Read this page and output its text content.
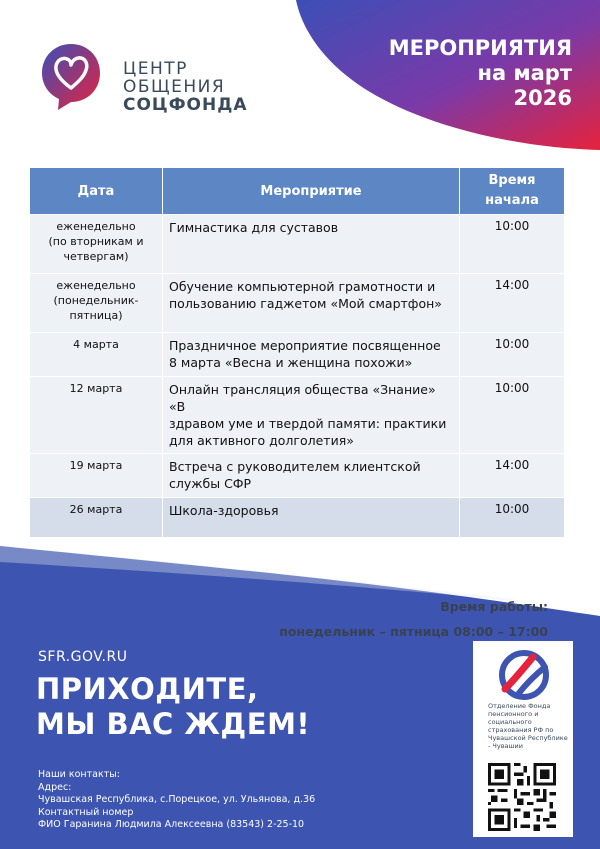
ЦЕНТР
ОБЩЕНИЯ
СОЦФОНДА
МЕРОПРИЯТИЯ
на март
2026
Дата	Мероприятие	Время начала
еженедельно
(по вторникам и
четвергам)	Гимнастика для суставов	10:00
еженедельно
(понедельник-
пятница)	Обучение компьютерной грамотности и
пользованию гаджетом «Мой смартфон»	14:00
4 марта	Праздничное мероприятие посвященное
8 марта «Весна и женщина похожи»	10:00
12 марта	Онлайн трансляция общества «Знание» «В
здравом уме и твердой памяти: практики
для активного долголетия»	10:00
19 марта	Встреча с руководителем клиентской
службы СФР	14:00
26 марта	Школа-здоровья	10:00
Время работы:
понедельник – пятница 08:00 – 17:00
SFR.GOV.RU
ПРИХОДИТЕ,
МЫ ВАС ЖДЕМ!
Наши контакты:
Адрес:
Чувашская Республика, с.Порецкое, ул. Ульянова, д.36
Контактный номер
ФИО Гаранина Людмила Алексеевна (83543) 2-25-10
Отделение Фонда пенсионного и социального страхования РФ по Чувашской Республике - Чувашии
